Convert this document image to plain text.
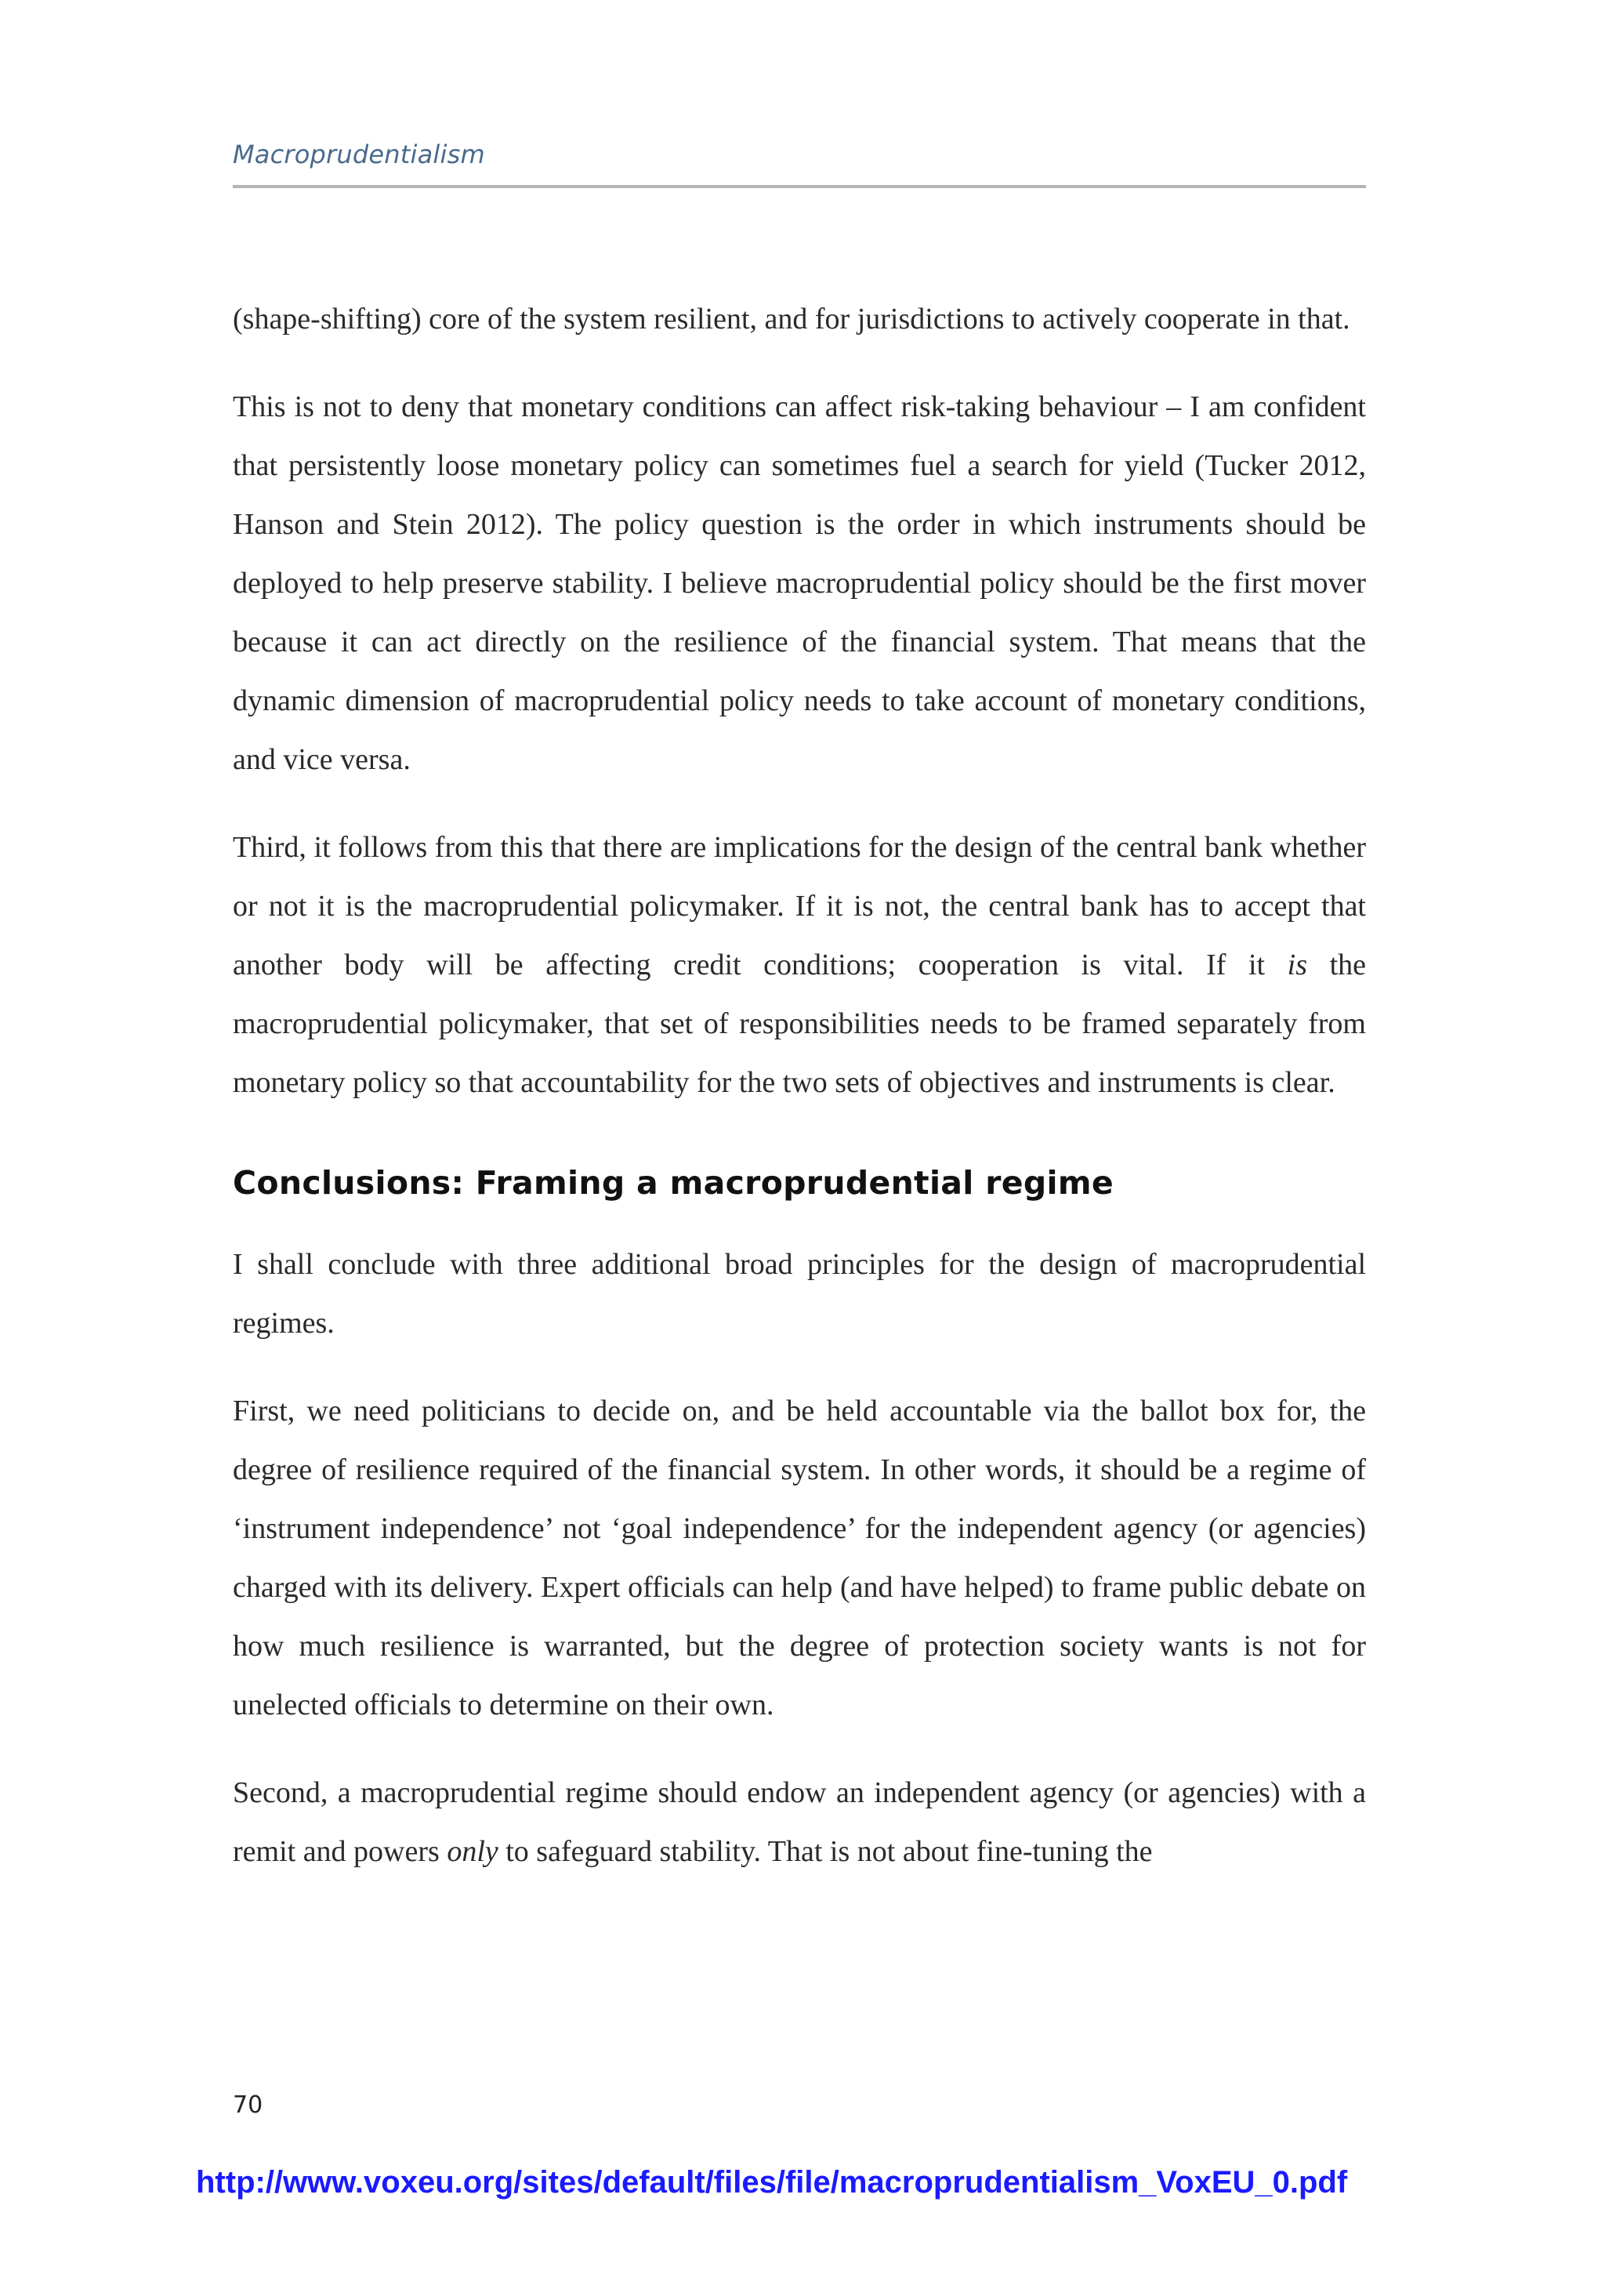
Macroprudentialism

(shape-shifting) core of the system resilient, and for jurisdictions to actively cooperate in that.

This is not to deny that monetary conditions can affect risk-taking behaviour – I am confident that persistently loose monetary policy can sometimes fuel a search for yield (Tucker 2012, Hanson and Stein 2012). The policy question is the order in which instruments should be deployed to help preserve stability. I believe macroprudential policy should be the first mover because it can act directly on the resilience of the financial system. That means that the dynamic dimension of macroprudential policy needs to take account of monetary conditions, and vice versa.

Third, it follows from this that there are implications for the design of the central bank whether or not it is the macroprudential policymaker. If it is not, the central bank has to accept that another body will be affecting credit conditions; cooperation is vital. If it is the macroprudential policymaker, that set of responsibilities needs to be framed separately from monetary policy so that accountability for the two sets of objectives and instruments is clear.

Conclusions: Framing a macroprudential regime

I shall conclude with three additional broad principles for the design of macroprudential regimes.

First, we need politicians to decide on, and be held accountable via the ballot box for, the degree of resilience required of the financial system. In other words, it should be a regime of ‘instrument independence’ not ‘goal independence’ for the independent agency (or agencies) charged with its delivery. Expert officials can help (and have helped) to frame public debate on how much resilience is warranted, but the degree of protection society wants is not for unelected officials to determine on their own.

Second, a macroprudential regime should endow an independent agency (or agencies) with a remit and powers only to safeguard stability. That is not about fine-tuning the

70
http://www.voxeu.org/sites/default/files/file/macroprudentialism_VoxEU_0.pdf
